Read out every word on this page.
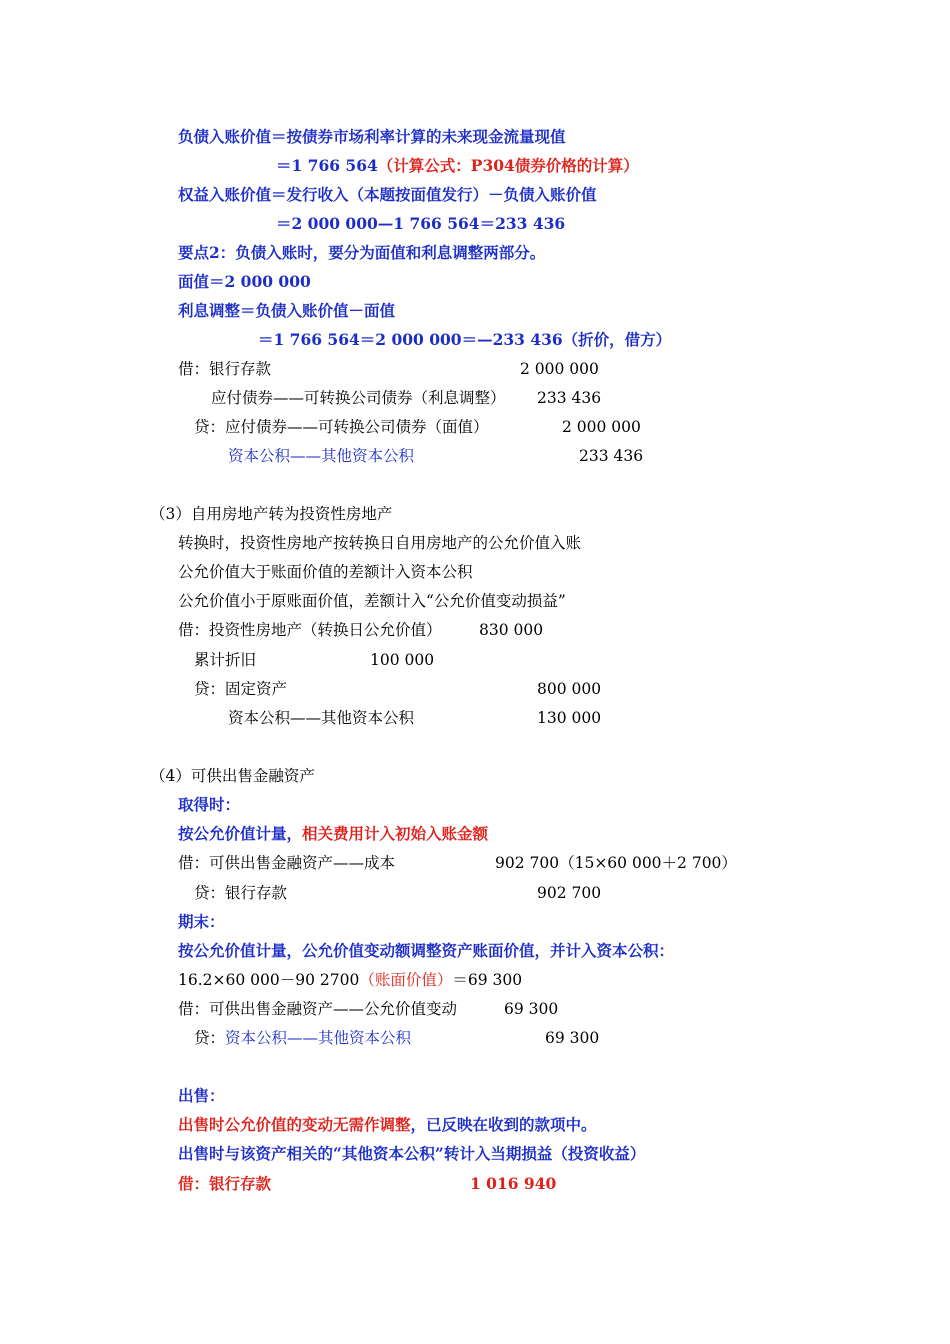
负债入账价值＝按债券市场利率计算的未来现金流量现值
＝1 766 564（计算公式：P304债券价格的计算）
权益入账价值＝发行收入（本题按面值发行）－负债入账价值
＝2 000 000—1 766 564＝233 436
要点2：负债入账时，要分为面值和利息调整两部分。
面值＝2 000 000
利息调整＝负债入账价值－面值
＝1 766 564＝2 000 000＝—233 436（折价，借方）
借：银行存款	2 000 000
应付债券——可转换公司债券（利息调整） 233 436
贷：应付债券——可转换公司债券（面值）	2 000 000
资本公积——其他资本公积	233 436
（3）自用房地产转为投资性房地产
转换时，投资性房地产按转换日自用房地产的公允价值入账
公允价值大于账面价值的差额计入资本公积
公允价值小于原账面价值，差额计入“公允价值变动损益”
借：投资性房地产（转换日公允价值） 830 000
累计折旧	100 000
贷：固定资产	800 000
资本公积——其他资本公积	130 000
（4）可供出售金融资产
取得时：
按公允价值计量，相关费用计入初始入账金额
借：可供出售金融资产——成本	902 700（15×60 000＋2 700）
贷：银行存款	902 700
期末：
按公允价值计量，公允价值变动额调整资产账面价值，并计入资本公积：
16.2×60 000－90 2700（账面价值）＝69 300
借：可供出售金融资产——公允价值变动	69 300
贷：资本公积——其他资本公积	69 300
出售：
出售时公允价值的变动无需作调整，已反映在收到的款项中。
出售时与该资产相关的“其他资本公积”转计入当期损益（投资收益）
借：银行存款	1 016 940
